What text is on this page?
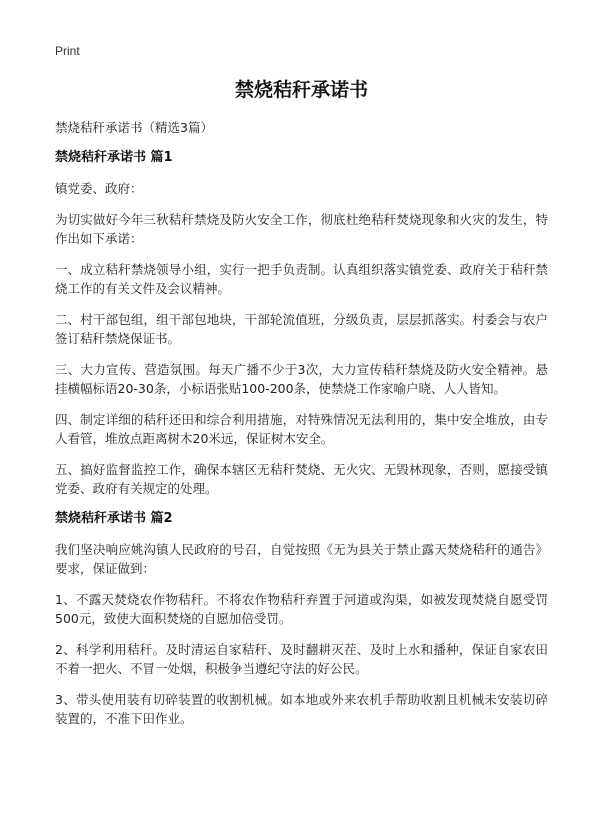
Print
禁烧秸秆承诺书
禁烧秸秆承诺书（精选3篇）
禁烧秸秆承诺书 篇1
镇党委、政府：
为切实做好今年三秋秸秆禁烧及防火安全工作，彻底杜绝秸秆焚烧现象和火灾的发生，特作出如下承诺：
一、成立秸秆禁烧领导小组，实行一把手负责制。认真组织落实镇党委、政府关于秸秆禁烧工作的有关文件及会议精神。
二、村干部包组，组干部包地块，干部轮流值班，分级负责，层层抓落实。村委会与农户签订秸秆禁烧保证书。
三、大力宣传、营造氛围。每天广播不少于3次，大力宣传秸秆禁烧及防火安全精神。悬挂横幅标语20-30条，小标语张贴100-200条，使禁烧工作家喻户晓、人人皆知。
四、制定详细的秸秆还田和综合利用措施，对特殊情况无法利用的，集中安全堆放，由专人看管，堆放点距离树木20米远，保证树木安全。
五、搞好监督监控工作，确保本辖区无秸秆焚烧、无火灾、无毁林现象，否则，愿接受镇党委、政府有关规定的处理。
禁烧秸秆承诺书 篇2
我们坚决响应姚沟镇人民政府的号召，自觉按照《无为县关于禁止露天焚烧秸秆的通告》要求，保证做到：
1、不露天焚烧农作物秸秆。不将农作物秸秆弃置于河道或沟渠，如被发现焚烧自愿受罚500元，致使大面积焚烧的自愿加倍受罚。
2、科学利用秸秆。及时清运自家秸秆、及时翻耕灭茬、及时上水和播种，保证自家农田不着一把火、不冒一处烟，积极争当遵纪守法的好公民。
3、带头使用装有切碎装置的收割机械。如本地或外来农机手帮助收割且机械未安装切碎装置的，不准下田作业。
